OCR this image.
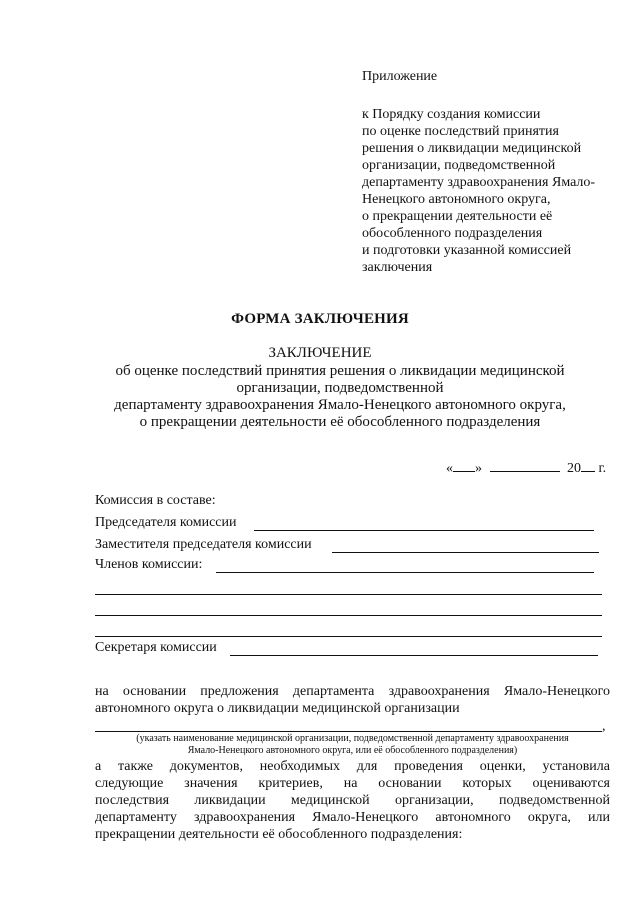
Приложение
к Порядку создания комиссии
по оценке последствий принятия
решения о ликвидации медицинской
организации, подведомственной
департаменту здравоохранения Ямало-
Ненецкого автономного округа,
о прекращении деятельности её
обособленного подразделения
и подготовки указанной комиссией
заключения
ФОРМА ЗАКЛЮЧЕНИЯ
ЗАКЛЮЧЕНИЕ
об оценке последствий принятия решения о ликвидации медицинской
организации, подведомственной
департаменту здравоохранения Ямало-Ненецкого автономного округа,
о прекращении деятельности её обособленного подразделения
« »	20 г.
Комиссия в составе:
Председателя комиссии
Заместителя председателя комиссии
Членов комиссии:
Секретаря комиссии
на основании предложения департамента здравоохранения Ямало-Ненецкого
автономного округа о ликвидации медицинской организации
,
(указать наименование медицинской организации, подведомственной департаменту здравоохранения
Ямало-Ненецкого автономного округа, или её обособленного подразделения)
а также документов, необходимых для проведения оценки, установила
следующие значения критериев, на основании которых оцениваются
последствия ликвидации медицинской организации, подведомственной
департаменту здравоохранения Ямало-Ненецкого автономного округа, или
прекращении деятельности её обособленного подразделения:
